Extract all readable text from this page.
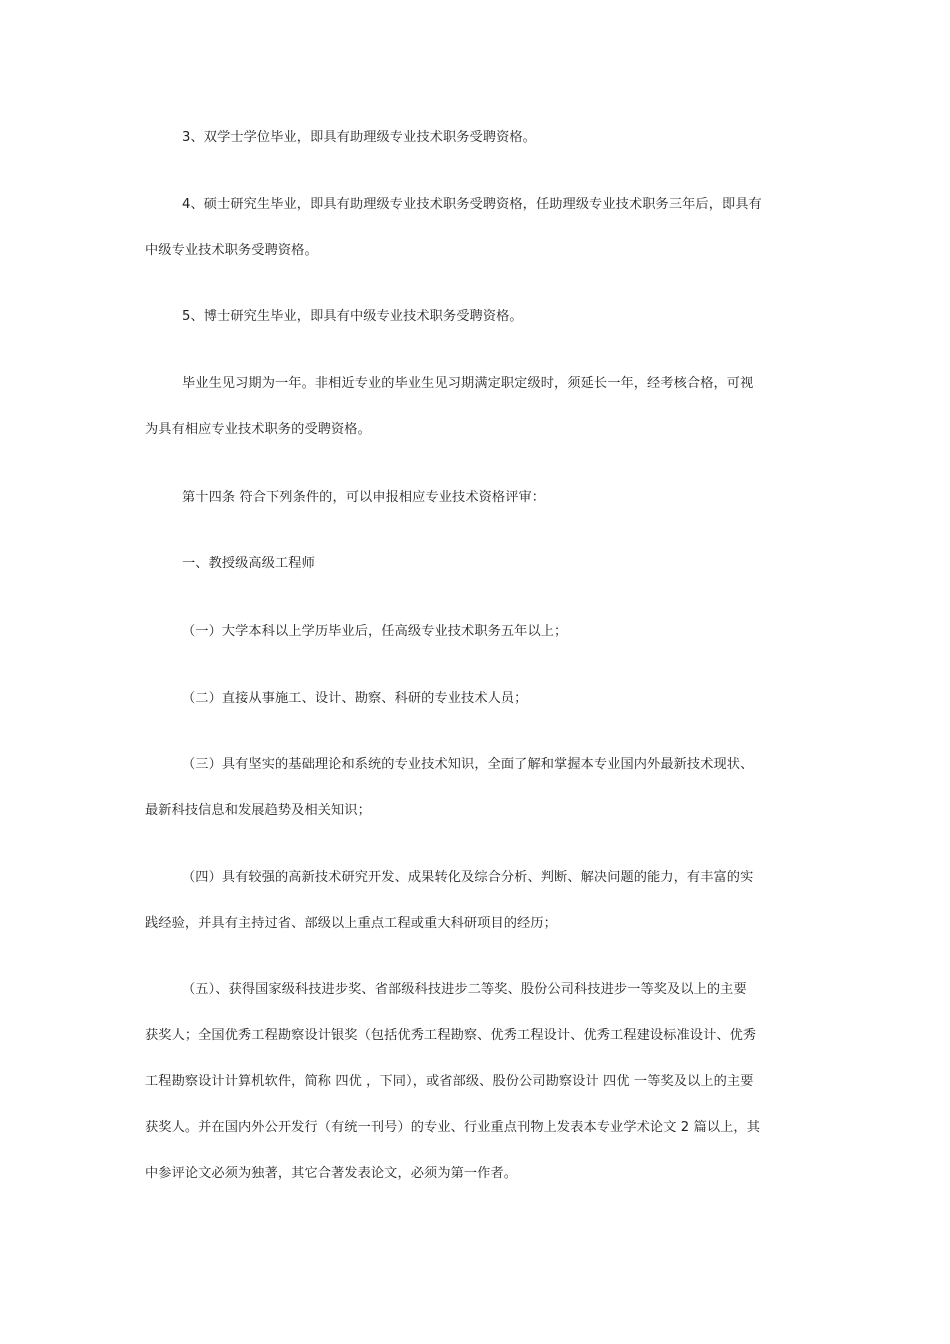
3、双学士学位毕业，即具有助理级专业技术职务受聘资格。
4、硕士研究生毕业，即具有助理级专业技术职务受聘资格，任助理级专业技术职务三年后，即具有
中级专业技术职务受聘资格。
5、博士研究生毕业，即具有中级专业技术职务受聘资格。
毕业生见习期为一年。非相近专业的毕业生见习期满定职定级时，须延长一年，经考核合格，可视
为具有相应专业技术职务的受聘资格。
第十四条 符合下列条件的，可以申报相应专业技术资格评审：
一、教授级高级工程师
（一）大学本科以上学历毕业后，任高级专业技术职务五年以上；
（二）直接从事施工、设计、勘察、科研的专业技术人员；
（三）具有坚实的基础理论和系统的专业技术知识，全面了解和掌握本专业国内外最新技术现状、
最新科技信息和发展趋势及相关知识；
（四）具有较强的高新技术研究开发、成果转化及综合分析、判断、解决问题的能力，有丰富的实
践经验，并具有主持过省、部级以上重点工程或重大科研项目的经历；
（五）、获得国家级科技进步奖、省部级科技进步二等奖、股份公司科技进步一等奖及以上的主要
获奖人；全国优秀工程勘察设计银奖（包括优秀工程勘察、优秀工程设计、优秀工程建设标准设计、优秀
工程勘察设计计算机软件，简称 四优 ，下同），或省部级、股份公司勘察设计 四优 一等奖及以上的主要
获奖人。并在国内外公开发行（有统一刊号）的专业、行业重点刊物上发表本专业学术论文 2 篇以上，其
中参评论文必须为独著，其它合著发表论文，必须为第一作者。
